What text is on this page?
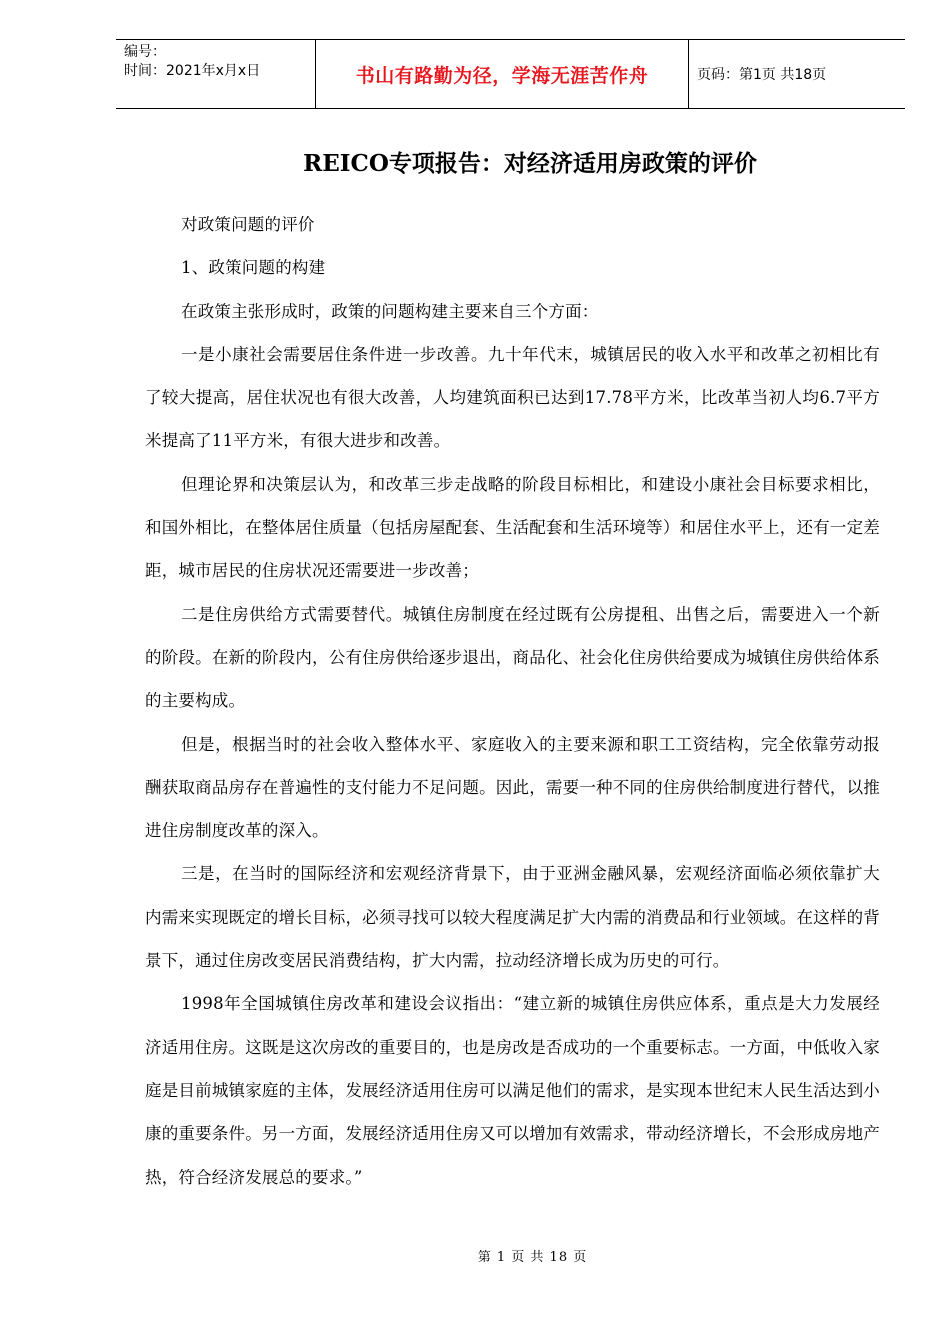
编号：
时间：2021年x月x日	书山有路勤为径，学海无涯苦作舟	页码：第1页 共18页
REICO专项报告：对经济适用房政策的评价

对政策问题的评价

1、政策问题的构建

在政策主张形成时，政策的问题构建主要来自三个方面：

一是小康社会需要居住条件进一步改善。九十年代末，城镇居民的收入水平和改革之初相比有了较大提高，居住状况也有很大改善，人均建筑面积已达到17.78平方米，比改革当初人均6.7平方米提高了11平方米，有很大进步和改善。

但理论界和决策层认为，和改革三步走战略的阶段目标相比，和建设小康社会目标要求相比，和国外相比，在整体居住质量（包括房屋配套、生活配套和生活环境等）和居住水平上，还有一定差距，城市居民的住房状况还需要进一步改善；

二是住房供给方式需要替代。城镇住房制度在经过既有公房提租、出售之后，需要进入一个新的阶段。在新的阶段内，公有住房供给逐步退出，商品化、社会化住房供给要成为城镇住房供给体系的主要构成。

但是，根据当时的社会收入整体水平、家庭收入的主要来源和职工工资结构，完全依靠劳动报酬获取商品房存在普遍性的支付能力不足问题。因此，需要一种不同的住房供给制度进行替代，以推进住房制度改革的深入。

三是，在当时的国际经济和宏观经济背景下，由于亚洲金融风暴，宏观经济面临必须依靠扩大内需来实现既定的增长目标，必须寻找可以较大程度满足扩大内需的消费品和行业领域。在这样的背景下，通过住房改变居民消费结构，扩大内需，拉动经济增长成为历史的可行。

1998年全国城镇住房改革和建设会议指出：“建立新的城镇住房供应体系，重点是大力发展经济适用住房。这既是这次房改的重要目的，也是房改是否成功的一个重要标志。一方面，中低收入家庭是目前城镇家庭的主体，发展经济适用住房可以满足他们的需求，是实现本世纪末人民生活达到小康的重要条件。另一方面，发展经济适用住房又可以增加有效需求，带动经济增长，不会形成房地产热，符合经济发展总的要求。”

第 1 页 共 18 页
